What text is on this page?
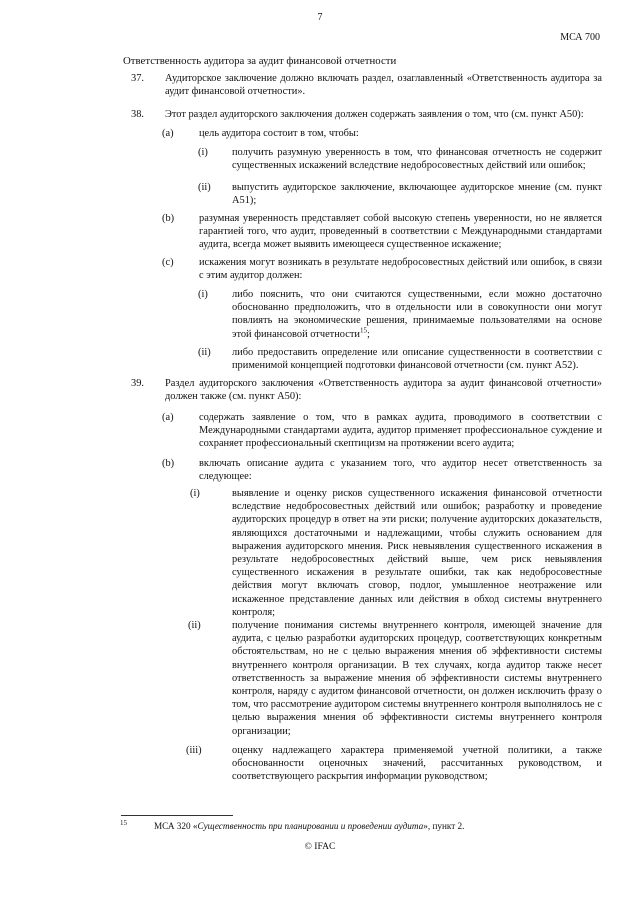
7
МСА 700
Ответственность аудитора за аудит финансовой отчетности
37. Аудиторское заключение должно включать раздел, озаглавленный «Ответственность аудитора за аудит финансовой отчетности».
38. Этот раздел аудиторского заключения должен содержать заявления о том, что (см. пункт A50):
(a) цель аудитора состоит в том, чтобы:
(i) получить разумную уверенность в том, что финансовая отчетность не содержит существенных искажений вследствие недобросовестных действий или ошибок;
(ii) выпустить аудиторское заключение, включающее аудиторское мнение (см. пункт A51);
(b) разумная уверенность представляет собой высокую степень уверенности, но не является гарантией того, что аудит, проведенный в соответствии с Международными стандартами аудита, всегда может выявить имеющееся существенное искажение;
(c) искажения могут возникать в результате недобросовестных действий или ошибок, в связи с этим аудитор должен:
(i) либо пояснить, что они считаются существенными, если можно достаточно обоснованно предположить, что в отдельности или в совокупности они могут повлиять на экономические решения, принимаемые пользователями на основе этой финансовой отчетности$^{15}$;
(ii) либо предоставить определение или описание существенности в соответствии с применимой концепцией подготовки финансовой отчетности (см. пункт A52).
39. Раздел аудиторского заключения «Ответственность аудитора за аудит финансовой отчетности» должен также (см. пункт A50):
(a) содержать заявление о том, что в рамках аудита, проводимого в соответствии с Международными стандартами аудита, аудитор применяет профессиональное суждение и сохраняет профессиональный скептицизм на протяжении всего аудита;
(b) включать описание аудита с указанием того, что аудитор несет ответственность за следующее:
(i)	выявление и оценку рисков существенного искажения финансовой отчетности вследствие недобросовестных действий или ошибок; разработку и проведение аудиторских процедур в ответ на эти риски; получение аудиторских доказательств, являющихся достаточными и надлежащими, чтобы служить основанием для выражения аудиторского мнения. Риск невыявления существенного искажения в результате недобросовестных действий выше, чем риск невыявления существенного искажения в результате ошибки, так как недобросовестные действия могут включать сговор, подлог, умышленное неотражение или искаженное представление данных или действия в обход системы внутреннего контроля;
(ii)	получение понимания системы внутреннего контроля, имеющей значение для аудита, с целью разработки аудиторских процедур, соответствующих конкретным обстоятельствам, но не с целью выражения мнения об эффективности системы внутреннего контроля организации. В тех случаях, когда аудитор также несет ответственность за выражение мнения об эффективности системы внутреннего контроля, наряду с аудитом финансовой отчетности, он должен исключить фразу о том, что рассмотрение аудитором системы внутреннего контроля выполнялось не с целью выражения мнения об эффективности системы внутреннего контроля организации;
(iii)	оценку надлежащего характера применяемой учетной политики, а также обоснованности оценочных значений, рассчитанных руководством, и соответствующего раскрытия информации руководством;
15	МСА 320 «Существенность при планировании и проведении аудита», пункт 2.
© IFAC
